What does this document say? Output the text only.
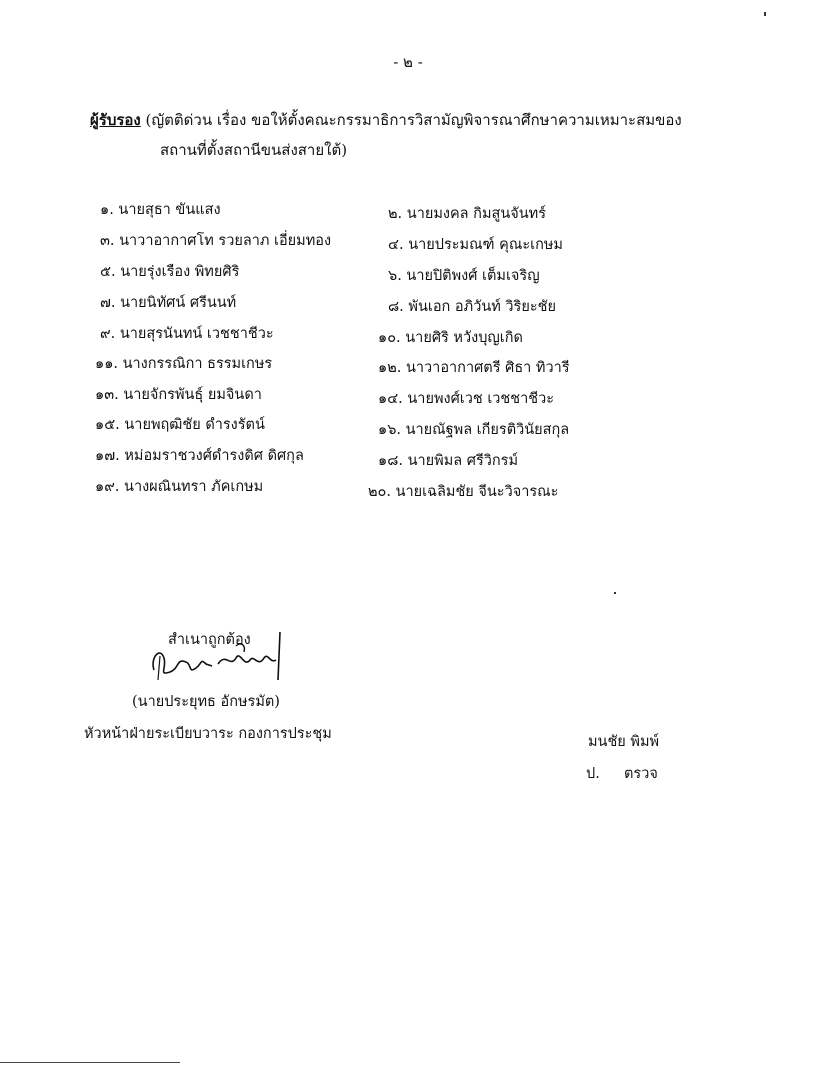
- ๒ -
ผู้รับรอง (ญัตติด่วน เรื่อง ขอให้ตั้งคณะกรรมาธิการวิสามัญพิจารณาศึกษาความเหมาะสมของ
สถานที่ตั้งสถานีขนส่งสายใต้)
๑. นายสุธา ขันแสง	๒. นายมงคล กิมสูนจันทร์
๓. นาวาอากาศโท รวยลาภ เอี่ยมทอง	๔. นายประมณฑ์ คุณะเกษม
๕. นายรุ่งเรือง พิทยศิริ	๖. นายปิติพงศ์ เต็มเจริญ
๗. นายนิทัศน์ ศรีนนท์	๘. พันเอก อภิวันท์ วิริยะชัย
๙. นายสุรนันทน์ เวชชาชีวะ	๑๐. นายศิริ หวังบุญเกิด
๑๑. นางกรรณิกา ธรรมเกษร	๑๒. นาวาอากาศตรี ศิธา ทิวารี
๑๓. นายจักรพันธุ์ ยมจินดา	๑๔. นายพงศ์เวช เวชชาชีวะ
๑๕. นายพฤฒิชัย ดำรงรัตน์	๑๖. นายณัฐพล เกียรติวินัยสกุล
๑๗. หม่อมราชวงศ์ดำรงดิศ ดิศกุล	๑๘. นายพิมล ศรีวิกรม์
๑๙. นางผณินทรา ภัคเกษม	๒๐. นายเฉลิมชัย จีนะวิจารณะ
สำเนาถูกต้อง
(นายประยุทธ อักษรมัต)
หัวหน้าฝ่ายระเบียบวาระ กองการประชุม	มนชัย พิมพ์
ป. ตรวจ
